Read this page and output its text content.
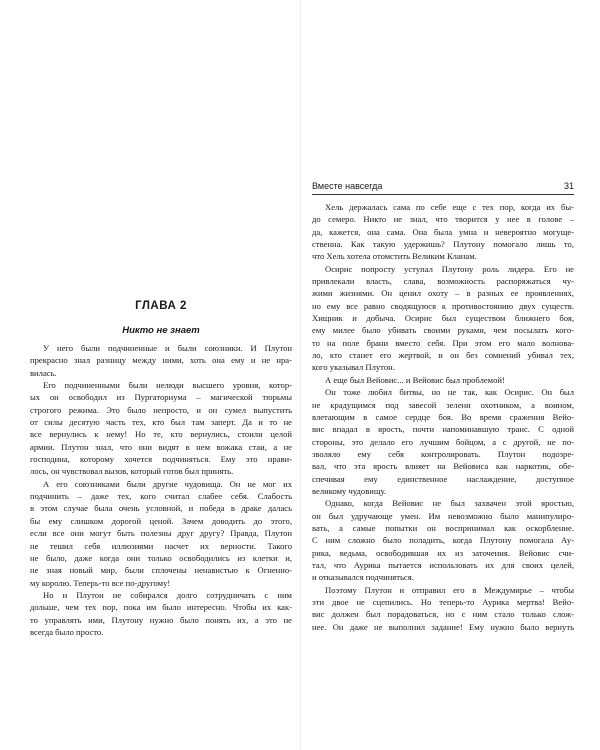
ГЛАВА 2

Никто не знает

У него были подчиненные и были союзники. И Плутон
прекрасно знал разницу между ними, хоть она ему и не нра-
вилась.
Его подчиненными были нелюди высшего уровня, котор-
ых он освободил из Пургаториума – магической тюрьмы
строгого режима. Это было непросто, и он сумел выпустить
от силы десятую часть тех, кто был там заперт. Да и то не
все вернулись к нему! Но те, кто вернулись, стоили целой
армии. Плутон знал, что они видят в нем вожака стаи, а не
господина, которому хочется подчиняться. Ему это нрави-
лось, он чувствовал вызов, который готов был принять.
А его союзниками были другие чудовища. Он не мог их
подчинить – даже тех, кого считал слабее себя. Слабость
в этом случае была очень условной, и победа в драке далась
бы ему слишком дорогой ценой. Зачем доводить до этого,
если все они могут быть полезны друг другу? Правда, Плутон
не тешил себя иллюзиями насчет их верности. Такого
не было, даже когда они только освободились из клетки и,
не зная новый мир, были сплочены ненавистью к Огненно-
му королю. Теперь-то все по-другому!
Но и Плутон не собирался долго сотрудничать с ним
дольше, чем тех пор, пока им было интересно. Чтобы их как-
то управлять ими, Плутону нужно было понять их, а это не
всегда было просто.
Вместе навсегда	31
Хель держалась сама по себе еще с тех пор, когда их бы-
до семеро. Никто не знал, что творится у нее в голове –
да, кажется, она сама. Она была умна и невероятно могуще-
ственна. Как такую удержишь? Плутону помогало лишь то,
что Хель хотела отомстить Великим Кланам.
Осирис попросту уступал Плутону роль лидера. Его не
привлекали власть, слава, возможность распоряжаться чу-
жими жизнями. Он ценил охоту – в разных ее проявлениях,
но ему все равно сводящуюся к противостоянию двух существ.
Хищник и добыча. Осирис был существом ближнего боя,
ему милее было убивать своими руками, чем посылать кого-
то на поле брани вместо себя. При этом его мало волнова-
ло, кто станет его жертвой, и он без сомнений убивал тех,
кого указывал Плутон.
А еще был Вейовис... и Вейовис был проблемой!
Он тоже любил битвы, но не так, как Осирис. Он был
не крадущимся под завесой зелени охотником, а воином,
влетающим в самое сердце боя. Во время сражения Вейо-
вис впадал в ярость, почти напоминавшую транс. С одной
стороны, это делало его лучшим бойцом, а с другой, не по-
зволяло ему себя контролировать. Плутон подозре-
вал, что эта ярость влияет на Вейовиса как наркотик, обе-
спечивая ему единственное наслаждение, доступное
великому чудовищу.
Однако, когда Вейовис не был захвачен этой яростью,
он был удручающе умен. Им невозможно было манипулиро-
вать, а самые попытки он воспринимал как оскорбление.
С ним сложно было поладить, когда Плутону помогала Ау-
рика, ведьма, освободившая их из заточения. Вейовис счи-
тал, что Аурика пытается использовать их для своих целей,
и отказывался подчиняться.
Поэтому Плутон и отправил его в Междумирье – чтобы
эти двое не сцепились. Но теперь-то Аурика мертва! Вейо-
вис должен был порадоваться, но с ним стало только слож-
нее. Он даже не выполнил задание! Ему нужно было вернуть
